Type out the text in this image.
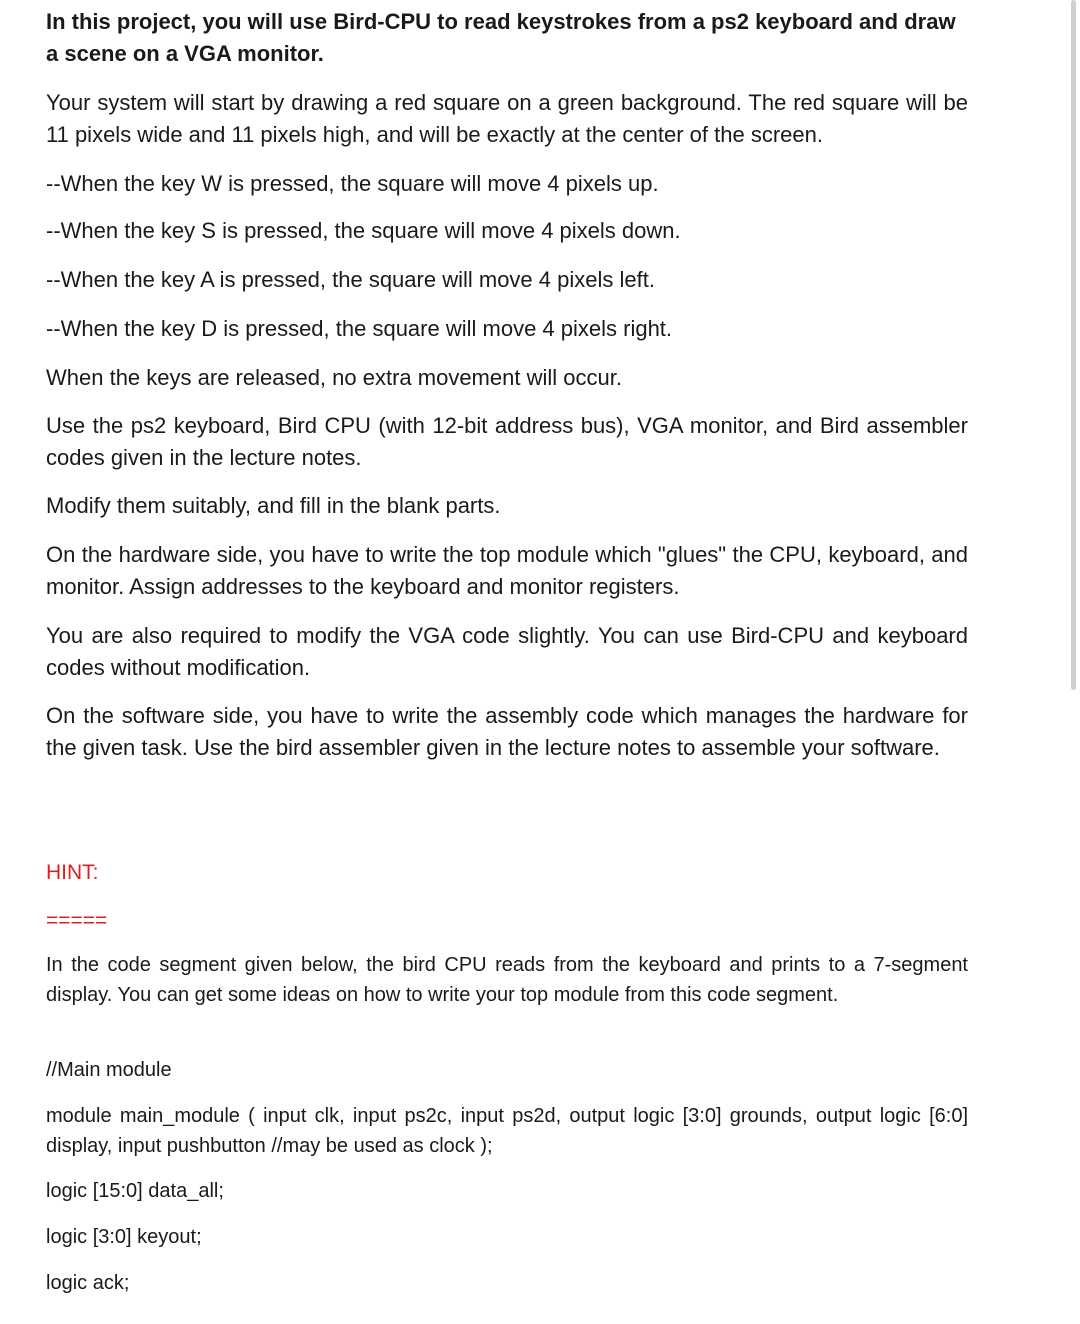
In this project, you will use Bird-CPU to read keystrokes from a ps2 keyboard and draw a scene on a VGA monitor.

Your system will start by drawing a red square on a green background. The red square will be 11 pixels wide and 11 pixels high, and will be exactly at the center of the screen.

--When the key W is pressed, the square will move 4 pixels up.

--When the key S is pressed, the square will move 4 pixels down.

--When the key A is pressed, the square will move 4 pixels left.

--When the key D is pressed, the square will move 4 pixels right.

When the keys are released, no extra movement will occur.

Use the ps2 keyboard, Bird CPU (with 12-bit address bus), VGA monitor, and Bird assembler codes given in the lecture notes.

Modify them suitably, and fill in the blank parts.

On the hardware side, you have to write the top module which "glues" the CPU, keyboard, and monitor. Assign addresses to the keyboard and monitor registers.

You are also required to modify the VGA code slightly. You can use Bird-CPU and keyboard codes without modification.

On the software side, you have to write the assembly code which manages the hardware for the given task. Use the bird assembler given in the lecture notes to assemble your software.

HINT:

=====

In the code segment given below, the bird CPU reads from the keyboard and prints to a 7-segment display. You can get some ideas on how to write your top module from this code segment.

//Main module

module main_module ( input clk, input ps2c, input ps2d, output logic [3:0] grounds, output logic [6:0] display, input pushbutton //may be used as clock );

logic [15:0] data_all;

logic [3:0] keyout;

logic ack;
